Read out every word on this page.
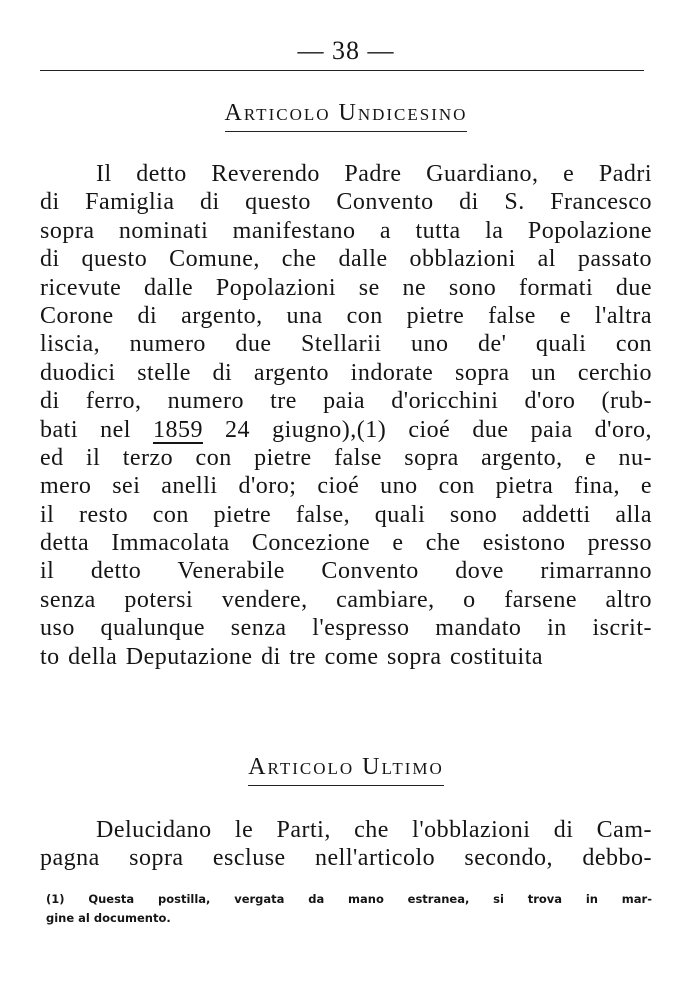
— 38 —
Articolo Undicesino
Il detto Reverendo Padre Guardiano, e Padri
di Famiglia di questo Convento di S. Francesco
sopra nominati manifestano a tutta la Popolazione
di questo Comune, che dalle obblazioni al passato
ricevute dalle Popolazioni se ne sono formati due
Corone di argento, una con pietre false e l'altra
liscia, numero due Stellarii uno de' quali con
duodici stelle di argento indorate sopra un cerchio
di ferro, numero tre paia d'oricchini d'oro (rub-
bati nel 1859 24 giugno),(1) cioé due paia d'oro,
ed il terzo con pietre false sopra argento, e nu-
mero sei anelli d'oro; cioé uno con pietra fina, e
il resto con pietre false, quali sono addetti alla
detta Immacolata Concezione e che esistono presso
il detto Venerabile Convento dove rimarranno
senza potersi vendere, cambiare, o farsene altro
uso qualunque senza l'espresso mandato in iscrit-
to della Deputazione di tre come sopra costituita
Articolo Ultimo
Delucidano le Parti, che l'obblazioni di Cam-
pagna sopra escluse nell'articolo secondo, debbo-
(1) Questa postilla, vergata da mano estranea, si trova in mar-
gine al documento.
